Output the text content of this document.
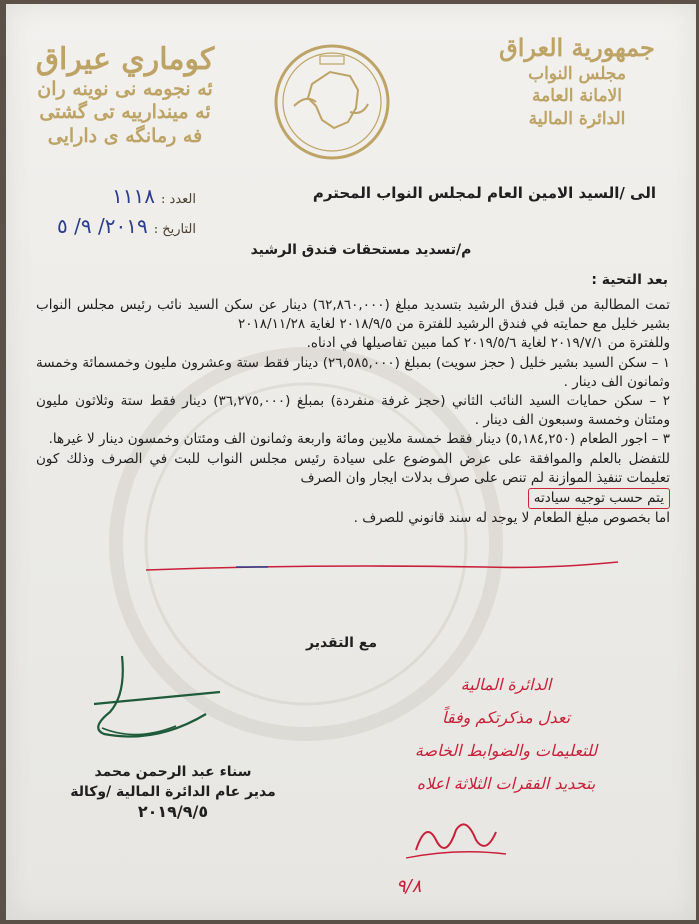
كوماري عيراق
ئه نجومه نى نوينه ران
ئه ميندارييه تى گشتى
فه رمانگه ى دارايى
جمهورية العراق
مجلس النواب
الامانة العامة
الدائرة المالية
العدد :
١١١٨
التاريخ :
٢٠١٩/ ٩/ ٥
الى /السيد الامين العام لمجلس النواب المحترم
م/تسديد مستحقات فندق الرشيد
بعد التحية :

تمت المطالبة من قبل فندق الرشيد بتسديد مبلغ (٦٢,٨٦٠,٠٠٠) دينار عن سكن السيد نائب رئيس مجلس النواب بشير خليل مع حمايته في فندق الرشيد للفترة من ٢٠١٨/٩/٥ لغاية ٢٠١٨/١١/٢٨

وللفترة من ٢٠١٩/٧/١ لغاية ٢٠١٩/٥/٦ كما مبين تفاصيلها في ادناه.

١ – سكن السيد بشير خليل ( حجز سويت) بمبلغ (٢٦,٥٨٥,٠٠٠) دينار فقط ستة وعشرون مليون وخمسمائة وخمسة وثمانون الف دينار .

٢ – سكن حمايات السيد النائب الثاني (حجز غرفة منفردة) بمبلغ (٣٦,٢٧٥,٠٠٠) دينار فقط ستة وثلاثون مليون ومئتان وخمسة وسبعون الف دينار .

٣ – اجور الطعام (٥,١٨٤,٢٥٠) دينار فقط خمسة ملايين ومائة واربعة وثمانون الف ومئتان وخمسون دينار لا غيرها.

للتفضل بالعلم والموافقة على عرض الموضوع على سيادة رئيس مجلس النواب للبت في الصرف وذلك كون تعليمات تنفيذ الموازنة لم تنص على صرف بدلات ايجار وان الصرف

يتم حسب توجيه سيادته

اما بخصوص مبلغ الطعام لا يوجد له سند قانوني للصرف .

مع التقدير
سناء عبد الرحمن محمد
مدير عام الدائرة المالية /وكالة
٢٠١٩/٩/٥
الدائرة المالية
تعدل مذكرتكم وفقاً
للتعليمات والضوابط الخاصة
بتحديد الفقرات الثلاثة اعلاه
٩/٨
